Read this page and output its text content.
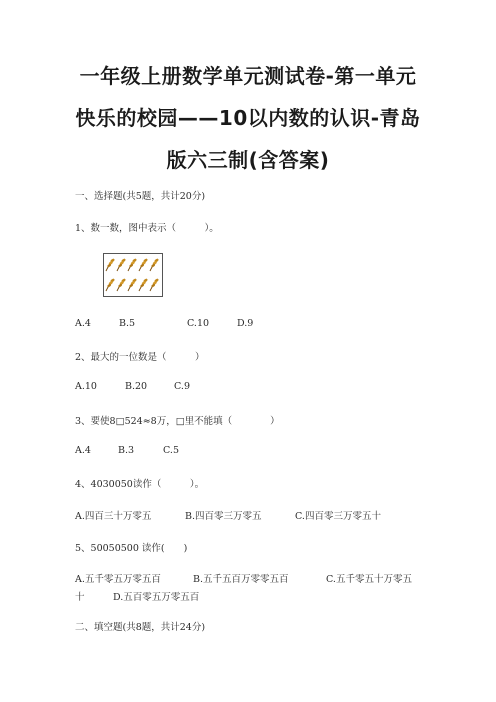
一年级上册数学单元测试卷-第一单元
快乐的校园——10以内数的认识-青岛
版六三制(含答案)
一、选择题(共5题，共计20分)
1、数一数，图中表示（　　　）。
A.4	B.5	C.10	D.9
2、最大的一位数是（　　　）
A.10	B.20	C.9
3、要使8□524≈8万，□里不能填（　　　　）
A.4	B.3	C.5
4、4030050读作（　　　）。
A.四百三十万零五	B.四百零三万零五	C.四百零三万零五十
5、50050500 读作(　　)
A.五千零五万零五百	B.五千五百万零零五百	C.五千零五十万零五
十	D.五百零五万零五百
二、填空题(共8题，共计24分)
